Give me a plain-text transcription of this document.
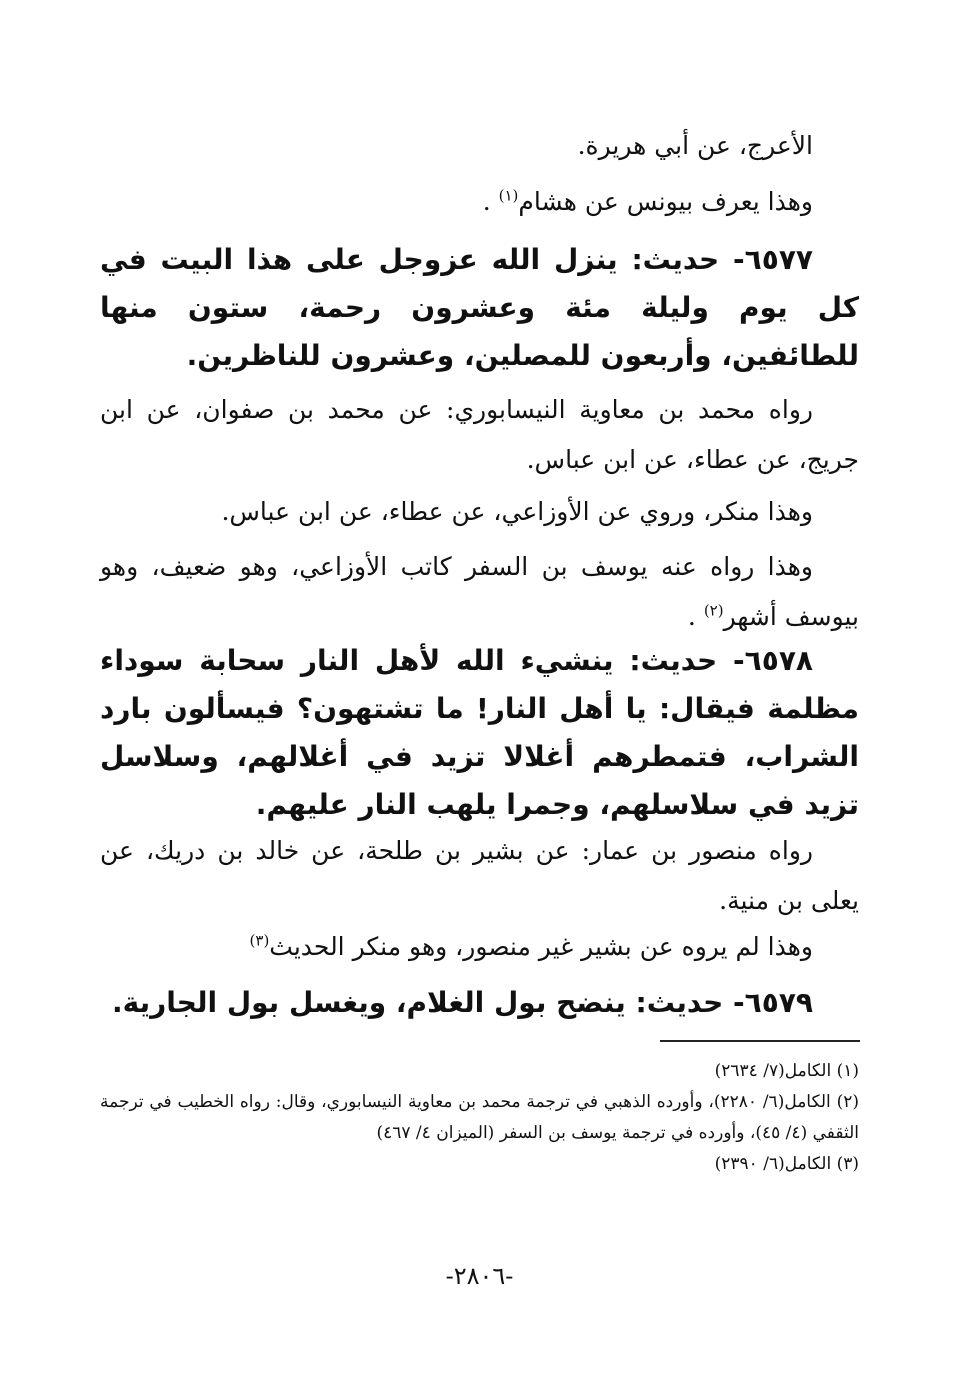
الأعرج، عن أبي هريرة.
وهذا يعرف بيونس عن هشام$^{(١)}$ .
٦٥٧٧- حديث: ينزل الله عزوجل على هذا البيت في كل يوم وليلة مئة وعشرون رحمة، ستون منها للطائفين، وأربعون للمصلين، وعشرون للناظرين.
رواه محمد بن معاوية النيسابوري: عن محمد بن صفوان، عن ابن جريج، عن عطاء، عن ابن عباس.
وهذا منكر، وروي عن الأوزاعي، عن عطاء، عن ابن عباس.
وهذا رواه عنه يوسف بن السفر كاتب الأوزاعي، وهو ضعيف، وهو بيوسف أشهر$^{(٢)}$ .
٦٥٧٨- حديث: ينشيء الله لأهل النار سحابة سوداء مظلمة فيقال: يا أهل النار! ما تشتهون؟ فيسألون بارد الشراب، فتمطرهم أغلالا تزيد في أغلالهم، وسلاسل تزيد في سلاسلهم، وجمرا يلهب النار عليهم.
رواه منصور بن عمار: عن بشير بن طلحة، عن خالد بن دريك، عن يعلى بن منية.
وهذا لم يروه عن بشير غير منصور، وهو منكر الحديث$^{(٣)}$
٦٥٧٩- حديث: ينضح بول الغلام، ويغسل بول الجارية.
(١) الكامل(٧/ ٢٦٣٤)
(٢) الكامل(٦/ ٢٢٨٠)، وأورده الذهبي في ترجمة محمد بن معاوية النيسابوري، وقال: رواه الخطيب في ترجمة الثقفي (٤/ ٤٥)، وأورده في ترجمة يوسف بن السفر (الميزان ٤/ ٤٦٧)
(٣) الكامل(٦/ ٢٣٩٠)
-٢٨٠٦-
